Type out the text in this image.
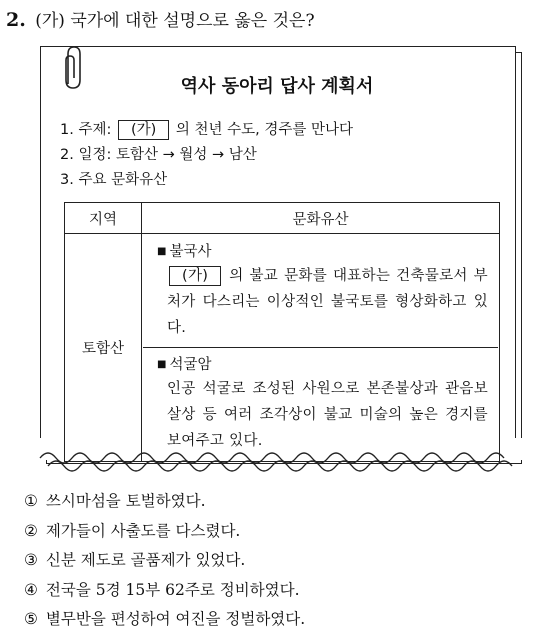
2. (가) 국가에 대한 설명으로 옳은 것은?
역사 동아리 답사 계획서
1. 주제: (가) 의 천년 수도, 경주를 만나다
2. 일정: 토함산 → 월성 → 남산
3. 주요 문화유산
지역	문화유산
토함산	■ 불국사
(가) 의 불교 문화를 대표하는 건축물로서 부처가 다스리는 이상적인 불국토를 형상화하고 있다.
■ 석굴암
인공 석굴로 조성된 사원으로 본존불상과 관음보살상 등 여러 조각상이 불교 미술의 높은 경지를 보여주고 있다.
① 쓰시마섬을 토벌하였다.
② 제가들이 사출도를 다스렸다.
③ 신분 제도로 골품제가 있었다.
④ 전국을 5경 15부 62주로 정비하였다.
⑤ 별무반을 편성하여 여진을 정벌하였다.
